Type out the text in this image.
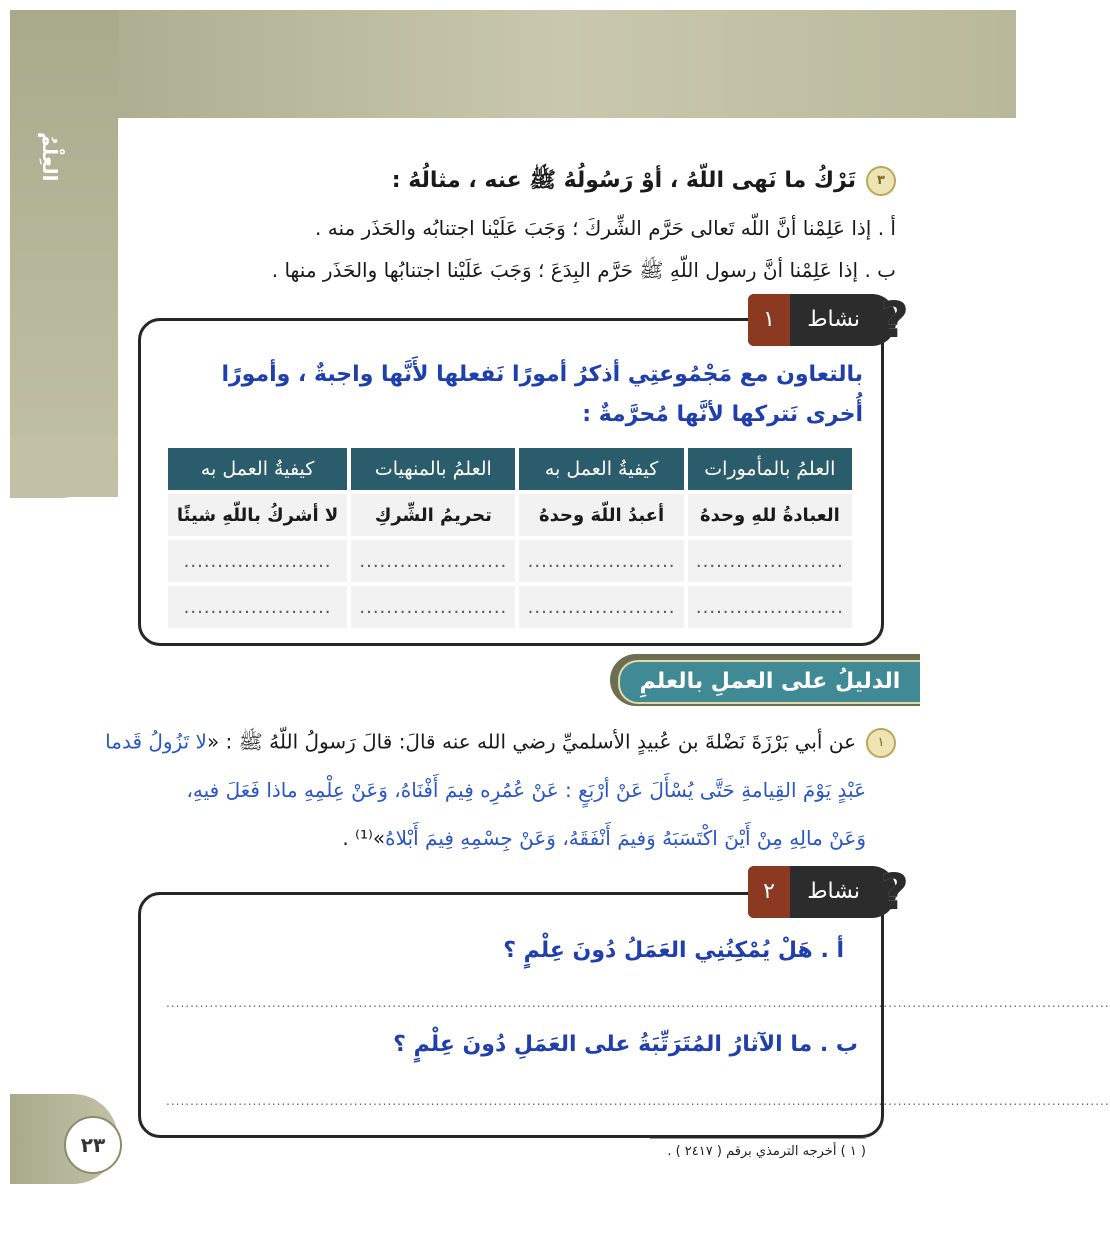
العِلْمُ	٣تَرْكُ ما نَهى اللّهُ ، أوْ رَسُولُهُ ﷺ عنه ، مثالُهُ :
أ . إذا عَلِمْنا أنَّ اللّه تَعالى حَرَّم الشِّركَ ؛ وَجَبَ عَلَيْنا اجتنابُه والحَذَر منه .
ب . إذا عَلِمْنا أنَّ رسول اللّهِ ﷺ حَرَّم البِدَعَ ؛ وَجَبَ عَلَيْنا اجتنابُها والحَذَر منها .
بالتعاون مع مَجْمُوعتِي أذكرُ أمورًا نَفعلها لأَنَّها واجبةٌ ، وأمورًا أُخرى نَتركها لأنَّها مُحرَّمةٌ :
١	نشاط ?
العلمُ بالمأمورات	كيفيةُ العمل به	العلمُ بالمنهيات	كيفيةُ العمل به
العبادةُ للهِ وحدهُ	أعبدُ اللّهَ وحدهُ	تحريمُ الشِّركِ	لا أشركُ باللّهِ شيئًا
......................	......................	......................	......................
......................	......................	......................	......................
الدليلُ على العملِ بالعلمِ
١عن أبي بَرْزَةَ نَضْلةَ بن عُبيدٍ الأسلميِّ رضي الله عنه قالَ: قالَ رَسولُ اللّهُ ﷺ : «لا تَزُولُ قَدما
عَبْدٍ يَوْمَ القِيامةِ حَتَّى يُسْأَلَ عَنْ أرْبَعٍ : عَنْ عُمُرِه فِيمَ أَفْنَاهُ، وَعَنْ عِلْمِهِ ماذا فَعَلَ فيهِ،
وَعَنْ مالِهِ مِنْ أَيْنَ اكْتَسَبَهُ وَفيمَ أَنْفَقَهُ، وَعَنْ جِسْمِهِ فِيمَ أَبْلاهُ»⁽¹⁾ .
٢	نشاط ?
أ . هَلْ يُمْكِنُنِي العَمَلُ دُونَ عِلْمٍ ؟
....................................................................................................................................................................................................
ب . ما الآثارُ المُتَرَتِّبَةُ على العَمَلِ دُونَ عِلْمٍ ؟
....................................................................................................................................................................................................
٢٣	( ١ ) أخرجه الترمذي برقم ( ٢٤١٧ ) .
